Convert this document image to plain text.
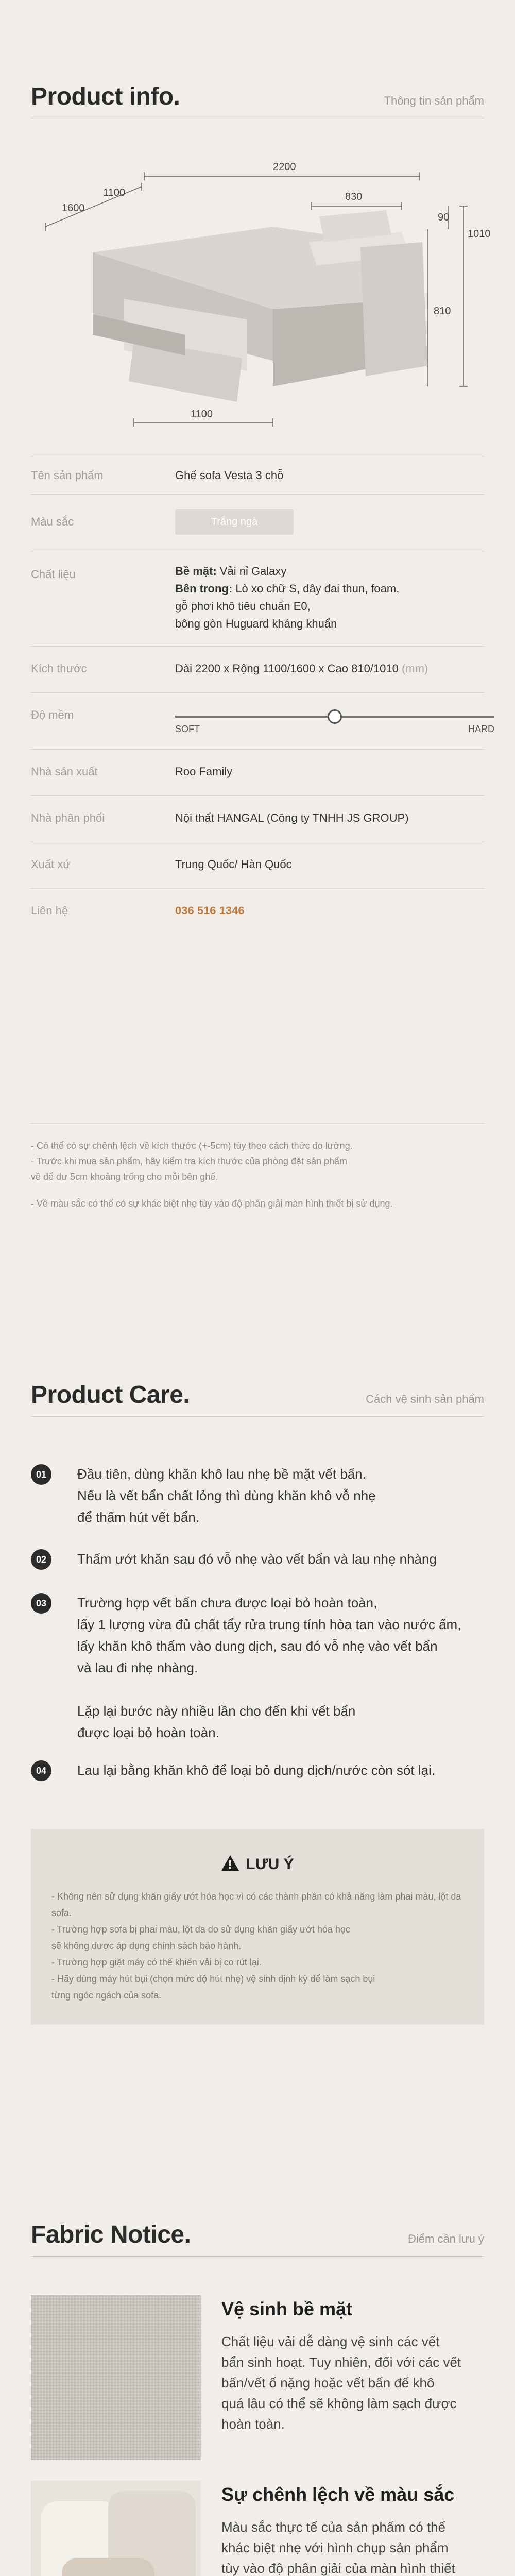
Product info.	Thông tin sản phẩm
2200
1600
1100	830
90
1010
810
1100
Tên sản phẩm	Ghế sofa Vesta 3 chỗ
Màu sắc	Trắng ngà
Chất liệu	Bề mặt: Vải nỉ Galaxy
Bên trong: Lò xo chữ S, dây đai thun, foam,
gỗ phơi khô tiêu chuẩn E0,
bông gòn Huguard kháng khuẩn
Kích thước	Dài 2200 x Rộng 1100/1600 x Cao 810/1010 (mm)
Độ mềm
SOFT	HARD
Nhà sản xuất	Roo Family
Nhà phân phối	Nội thất HANGAL (Công ty TNHH JS GROUP)
Xuất xứ	Trung Quốc/ Hàn Quốc
Liên hệ	036 516 1346
- Có thể có sự chênh lệch về kích thước (+-5cm) tùy theo cách thức đo lường.
- Trước khi mua sản phẩm, hãy kiểm tra kích thước của phòng đặt sản phẩm
về để dư 5cm khoảng trống cho mỗi bên ghế.
- Về màu sắc có thể có sự khác biệt nhẹ tùy vào độ phân giải màn hình thiết bị sử dụng.
Product Care.	Cách vệ sinh sản phẩm
01	Đầu tiên, dùng khăn khô lau nhẹ bề mặt vết bẩn.
Nếu là vết bẩn chất lỏng thì dùng khăn khô vỗ nhẹ
để thấm hút vết bẩn.
02	Thấm ướt khăn sau đó vỗ nhẹ vào vết bẩn và lau nhẹ nhàng
03	Trường hợp vết bẩn chưa được loại bỏ hoàn toàn,
lấy 1 lượng vừa đủ chất tẩy rửa trung tính hòa tan vào nước ấm,
lấy khăn khô thấm vào dung dịch, sau đó vỗ nhẹ vào vết bẩn
và lau đi nhẹ nhàng.
Lặp lại bước này nhiều lần cho đến khi vết bẩn
được loại bỏ hoàn toàn.
04	Lau lại bằng khăn khô để loại bỏ dung dịch/nước còn sót lại.
LƯU Ý
- Không nên sử dụng khăn giấy ướt hóa học vì có các thành phần có khả năng làm phai màu, lột da sofa.
- Trường hợp sofa bị phai màu, lột da do sử dụng khăn giấy ướt hóa học
sẽ không được áp dụng chính sách bảo hành.
- Trường hợp giặt máy có thể khiến vải bị co rút lại.
- Hãy dùng máy hút bụi (chọn mức độ hút nhẹ) vệ sinh định kỳ để làm sạch bụi
từng ngóc ngách của sofa.
Fabric Notice.	Điểm cần lưu ý
Vệ sinh bề mặt
Chất liệu vải dễ dàng vệ sinh các vết
bẩn sinh hoạt. Tuy nhiên, đối với các vết
bẩn/vết ố nặng hoặc vết bẩn để khô
quá lâu có thể sẽ không làm sạch được
hoàn toàn.
Sự chênh lệch về màu sắc
Màu sắc thực tế của sản phẩm có thể
khác biệt nhẹ với hình chụp sản phẩm
tùy vào độ phân giải của màn hình thiết
